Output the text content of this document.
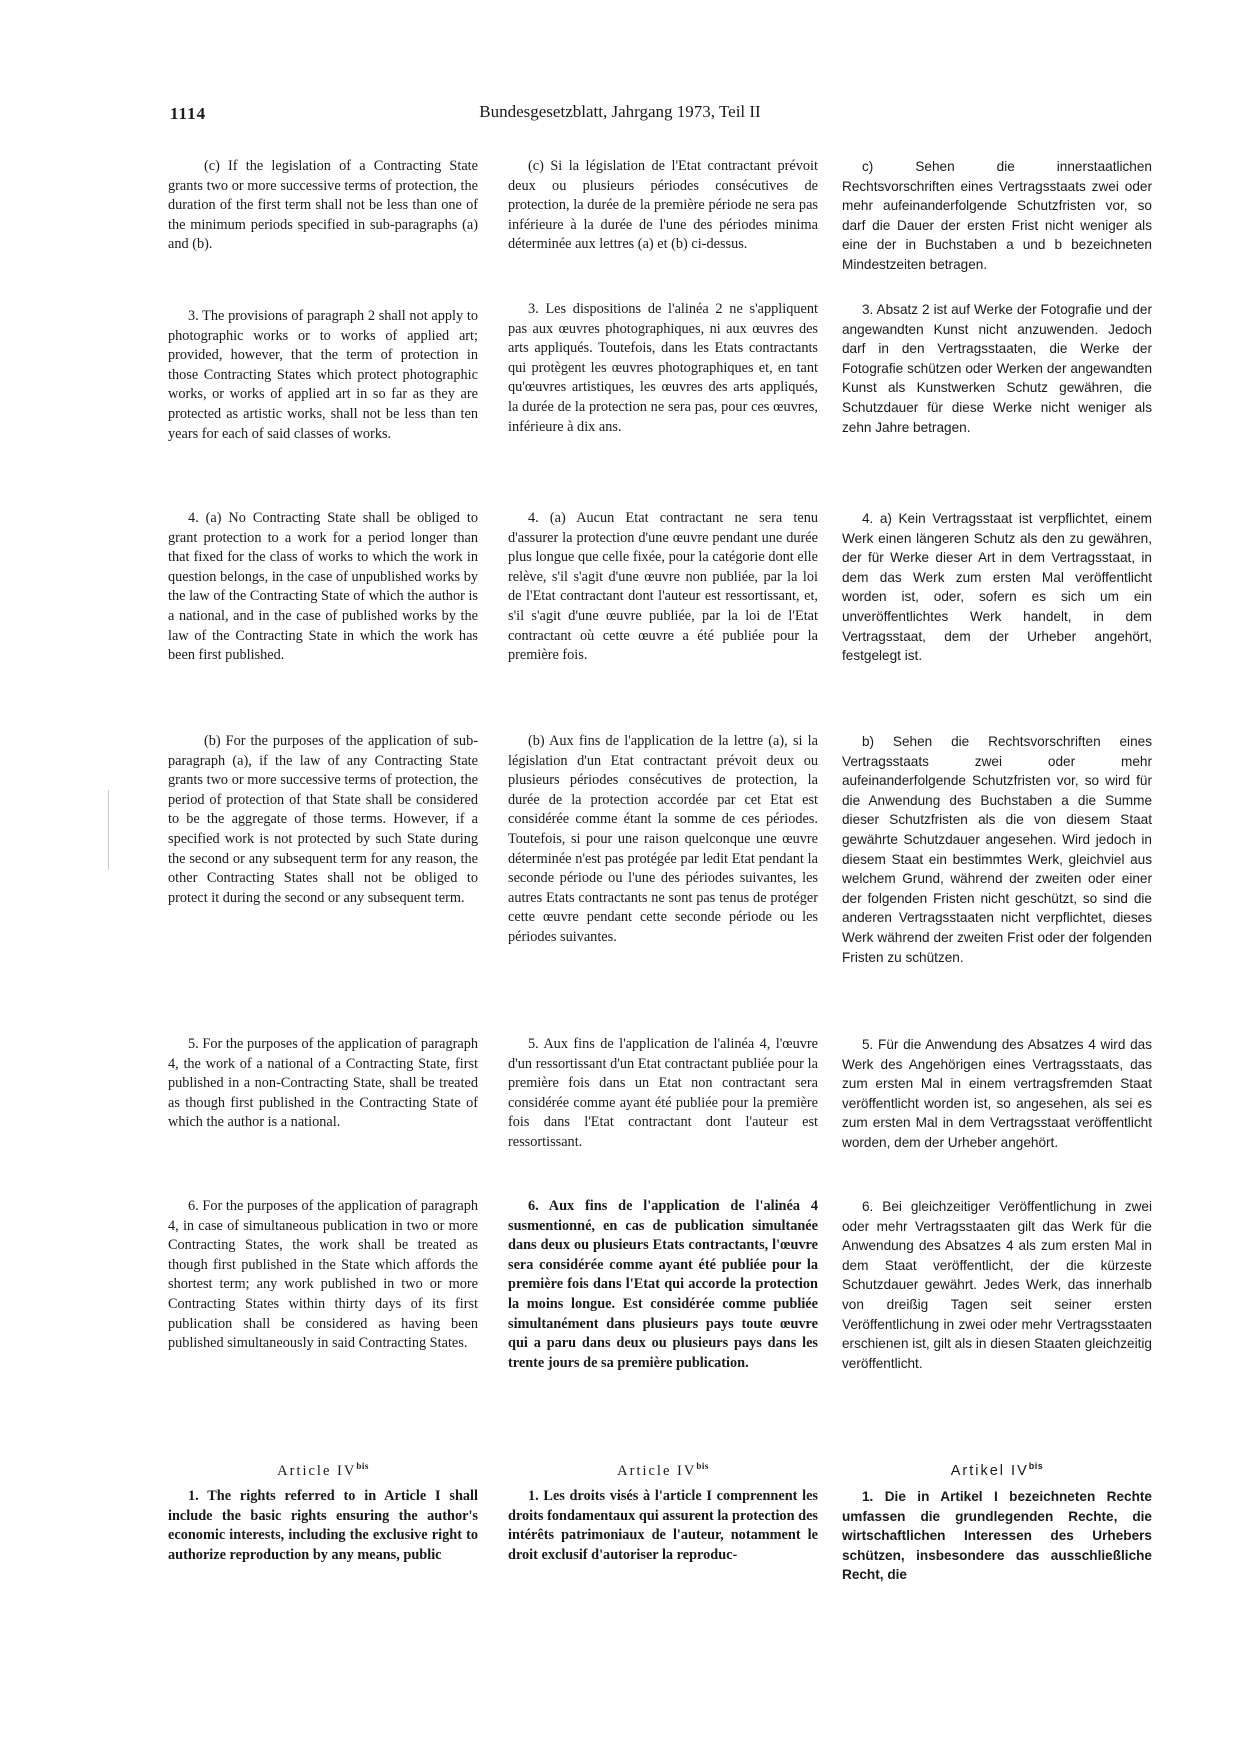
1114	Bundesgesetzblatt, Jahrgang 1973, Teil II

(c) If the legislation of a Contracting State grants two or more successive terms of protection, the duration of the first term shall not be less than one of the minimum periods specified in sub-paragraphs (a) and (b).

3. The provisions of paragraph 2 shall not apply to photographic works or to works of applied art; provided, however, that the term of protection in those Contracting States which protect photographic works, or works of applied art in so far as they are protected as artistic works, shall not be less than ten years for each of said classes of works.

4. (a) No Contracting State shall be obliged to grant protection to a work for a period longer than that fixed for the class of works to which the work in question belongs, in the case of unpublished works by the law of the Contracting State of which the author is a national, and in the case of published works by the law of the Contracting State in which the work has been first published.

(b) For the purposes of the application of sub-paragraph (a), if the law of any Contracting State grants two or more successive terms of protection, the period of protection of that State shall be considered to be the aggregate of those terms. However, if a specified work is not protected by such State during the second or any subsequent term for any reason, the other Contracting States shall not be obliged to protect it during the second or any subsequent term.

5. For the purposes of the application of paragraph 4, the work of a national of a Contracting State, first published in a non-Contracting State, shall be treated as though first published in the Contracting State of which the author is a national.

6. For the purposes of the application of paragraph 4, in case of simultaneous publication in two or more Contracting States, the work shall be treated as though first published in the State which affords the shortest term; any work published in two or more Contracting States within thirty days of its first publication shall be considered as having been published simultaneously in said Contracting States.

Article $IV^{bis}$

1. The rights referred to in Article I shall include the basic rights ensuring the author's economic interests, including the exclusive right to authorize reproduction by any means, public

(c) Si la législation de l'Etat contractant prévoit deux ou plusieurs périodes consécutives de protection, la durée de la première période ne sera pas inférieure à la durée de l'une des périodes minima déterminée aux lettres (a) et (b) ci-dessus.

3. Les dispositions de l'alinéa 2 ne s'appliquent pas aux œuvres photographiques, ni aux œuvres des arts appliqués. Toutefois, dans les Etats contractants qui protègent les œuvres photographiques et, en tant qu'œuvres artistiques, les œuvres des arts appliqués, la durée de la protection ne sera pas, pour ces œuvres, inférieure à dix ans.

4. (a) Aucun Etat contractant ne sera tenu d'assurer la protection d'une œuvre pendant une durée plus longue que celle fixée, pour la catégorie dont elle relève, s'il s'agit d'une œuvre non publiée, par la loi de l'Etat contractant dont l'auteur est ressortissant, et, s'il s'agit d'une œuvre publiée, par la loi de l'Etat contractant où cette œuvre a été publiée pour la première fois.

(b) Aux fins de l'application de la lettre (a), si la législation d'un Etat contractant prévoit deux ou plusieurs périodes consécutives de protection, la durée de la protection accordée par cet Etat est considérée comme étant la somme de ces périodes. Toutefois, si pour une raison quelconque une œuvre déterminée n'est pas protégée par ledit Etat pendant la seconde période ou l'une des périodes suivantes, les autres Etats contractants ne sont pas tenus de protéger cette œuvre pendant cette seconde période ou les périodes suivantes.

5. Aux fins de l'application de l'alinéa 4, l'œuvre d'un ressortissant d'un Etat contractant publiée pour la première fois dans un Etat non contractant sera considérée comme ayant été publiée pour la première fois dans l'Etat contractant dont l'auteur est ressortissant.

6. Aux fins de l'application de l'alinéa 4 susmentionné, en cas de publication simultanée dans deux ou plusieurs Etats contractants, l'œuvre sera considérée comme ayant été publiée pour la première fois dans l'Etat qui accorde la protection la moins longue. Est considérée comme publiée simultanément dans plusieurs pays toute œuvre qui a paru dans deux ou plusieurs pays dans les trente jours de sa première publication.

Article $IV^{bis}$

1. Les droits visés à l'article I comprennent les droits fondamentaux qui assurent la protection des intérêts patrimoniaux de l'auteur, notamment le droit exclusif d'autoriser la reproduc-

c) Sehen die innerstaatlichen Rechtsvorschriften eines Vertragsstaats zwei oder mehr aufeinanderfolgende Schutzfristen vor, so darf die Dauer der ersten Frist nicht weniger als eine der in Buchstaben a und b bezeichneten Mindestzeiten betragen.

3. Absatz 2 ist auf Werke der Fotografie und der angewandten Kunst nicht anzuwenden. Jedoch darf in den Vertragsstaaten, die Werke der Fotografie schützen oder Werken der angewandten Kunst als Kunstwerken Schutz gewähren, die Schutzdauer für diese Werke nicht weniger als zehn Jahre betragen.

4. a) Kein Vertragsstaat ist verpflichtet, einem Werk einen längeren Schutz als den zu gewähren, der für Werke dieser Art in dem Vertragsstaat, in dem das Werk zum ersten Mal veröffentlicht worden ist, oder, sofern es sich um ein unveröffentlichtes Werk handelt, in dem Vertragsstaat, dem der Urheber angehört, festgelegt ist.

b) Sehen die Rechtsvorschriften eines Vertragsstaats zwei oder mehr aufeinanderfolgende Schutzfristen vor, so wird für die Anwendung des Buchstaben a die Summe dieser Schutzfristen als die von diesem Staat gewährte Schutzdauer angesehen. Wird jedoch in diesem Staat ein bestimmtes Werk, gleichviel aus welchem Grund, während der zweiten oder einer der folgenden Fristen nicht geschützt, so sind die anderen Vertragsstaaten nicht verpflichtet, dieses Werk während der zweiten Frist oder der folgenden Fristen zu schützen.

5. Für die Anwendung des Absatzes 4 wird das Werk des Angehörigen eines Vertragsstaats, das zum ersten Mal in einem vertragsfremden Staat veröffentlicht worden ist, so angesehen, als sei es zum ersten Mal in dem Vertragsstaat veröffentlicht worden, dem der Urheber angehört.

6. Bei gleichzeitiger Veröffentlichung in zwei oder mehr Vertragsstaaten gilt das Werk für die Anwendung des Absatzes 4 als zum ersten Mal in dem Staat veröffentlicht, der die kürzeste Schutzdauer gewährt. Jedes Werk, das innerhalb von dreißig Tagen seit seiner ersten Veröffentlichung in zwei oder mehr Vertragsstaaten erschienen ist, gilt als in diesen Staaten gleichzeitig veröffentlicht.

Artikel $IV^{bis}$

1. Die in Artikel I bezeichneten Rechte umfassen die grundlegenden Rechte, die wirtschaftlichen Interessen des Urhebers schützen, insbesondere das ausschließliche Recht, die
